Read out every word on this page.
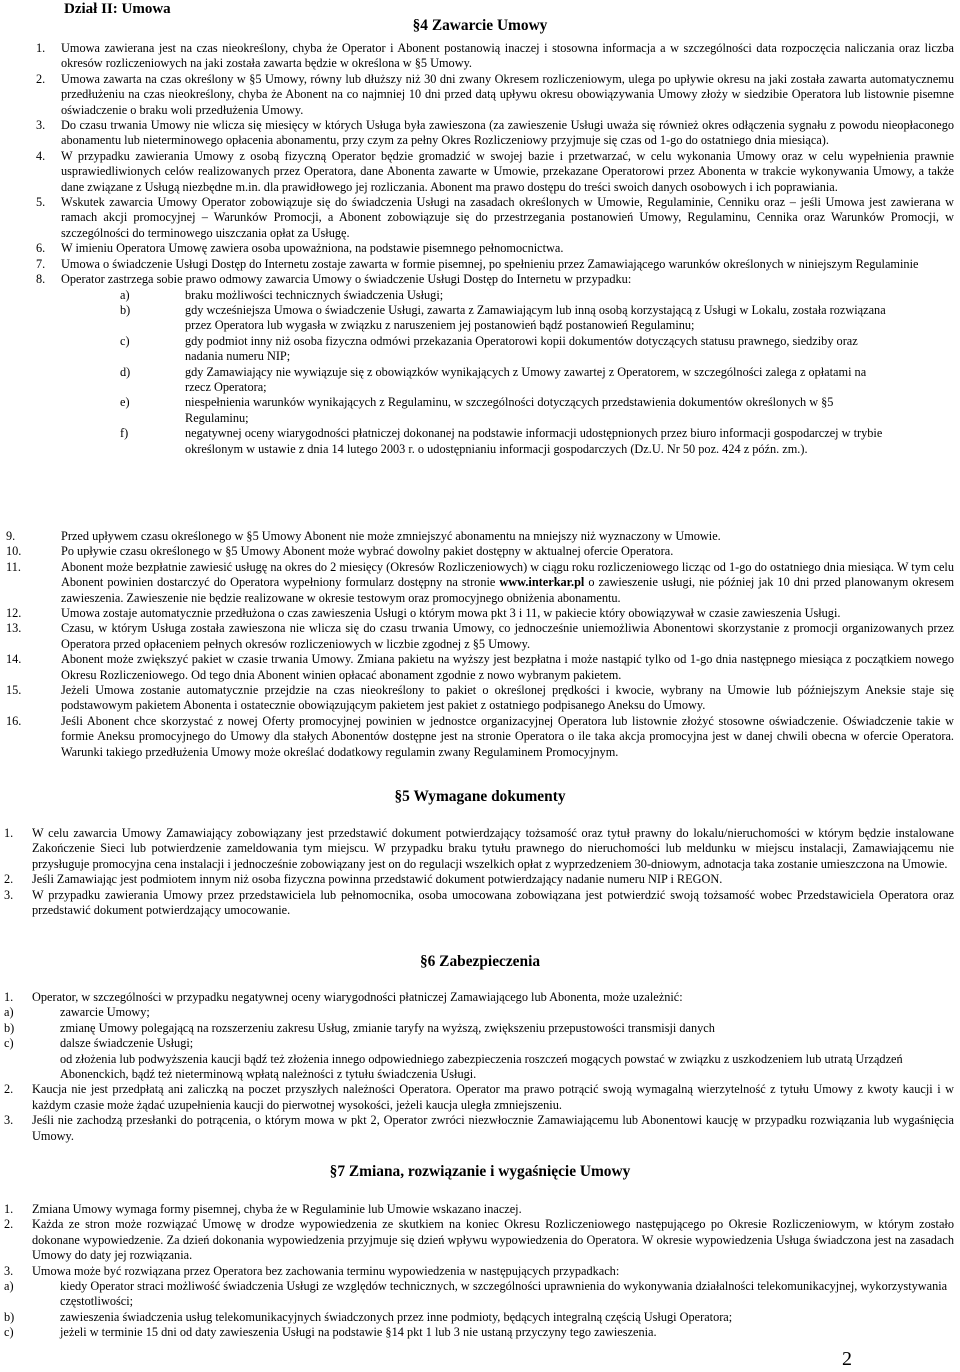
Dział II: Umowa
§4 Zawarcie Umowy
1.	Umowa zawierana jest na czas nieokreślony, chyba że Operator i Abonent postanowią inaczej i stosowna informacja a w szczególności data rozpoczęcia naliczania oraz liczba okresów rozliczeniowych na jaki została zawarta będzie w określona w §5 Umowy.
2.	Umowa zawarta na czas określony w §5 Umowy, równy lub dłuższy niż 30 dni zwany Okresem rozliczeniowym, ulega po upływie okresu na jaki została zawarta automatycznemu przedłużeniu na czas nieokreślony, chyba że Abonent na co najmniej 10 dni przed datą upływu okresu obowiązywania Umowy złoży w siedzibie Operatora lub listownie pisemne oświadczenie o braku woli przedłużenia Umowy.
3.	Do czasu trwania Umowy nie wlicza się miesięcy w których Usługa była zawieszona (za zawieszenie Usługi uważa się również okres odłączenia sygnału z powodu nieopłaconego abonamentu lub nieterminowego opłacenia abonamentu, przy czym za pełny Okres Rozliczeniowy przyjmuje się czas od 1-go do ostatniego dnia miesiąca).
4.	W przypadku zawierania Umowy z osobą fizyczną Operator będzie gromadzić w swojej bazie i przetwarzać, w celu wykonania Umowy oraz w celu wypełnienia prawnie usprawiedliwionych celów realizowanych przez Operatora, dane Abonenta zawarte w Umowie, przekazane Operatorowi przez Abonenta w trakcie wykonywania Umowy, a także dane związane z Usługą niezbędne m.in. dla prawidłowego jej rozliczania. Abonent ma prawo dostępu do treści swoich danych osobowych i ich poprawiania.
5.	Wskutek zawarcia Umowy Operator zobowiązuje się do świadczenia Usługi na zasadach określonych w Umowie, Regulaminie, Cenniku oraz – jeśli Umowa jest zawierana w ramach akcji promocyjnej – Warunków Promocji, a Abonent zobowiązuje się do przestrzegania postanowień Umowy, Regulaminu, Cennika oraz Warunków Promocji, w szczególności do terminowego uiszczania opłat za Usługę.
6.	W imieniu Operatora Umowę zawiera osoba upoważniona, na podstawie pisemnego pełnomocnictwa.
7.	Umowa o świadczenie Usługi Dostęp do Internetu zostaje zawarta w formie pisemnej, po spełnieniu przez Zamawiającego warunków określonych w niniejszym Regulaminie
8.	Operator zastrzega sobie prawo odmowy zawarcia Umowy o świadczenie Usługi Dostęp do Internetu w przypadku:
a)	braku możliwości technicznych świadczenia Usługi;
b)	gdy wcześniejsza Umowa o świadczenie Usługi, zawarta z Zamawiającym lub inną osobą korzystającą z Usługi w Lokalu, została rozwiązana przez Operatora lub wygasła w związku z naruszeniem jej postanowień bądź postanowień Regulaminu;
c)	gdy podmiot inny niż osoba fizyczna odmówi przekazania Operatorowi kopii dokumentów dotyczących statusu prawnego, siedziby oraz nadania numeru NIP;
d)	gdy Zamawiający nie wywiązuje się z obowiązków wynikających z Umowy zawartej z Operatorem, w szczególności zalega z opłatami na rzecz Operatora;
e)	niespełnienia warunków wynikających z Regulaminu, w szczególności dotyczących przedstawienia dokumentów określonych w §5 Regulaminu;
f)	negatywnej oceny wiarygodności płatniczej dokonanej na podstawie informacji udostępnionych przez biuro informacji gospodarczej w trybie określonym w ustawie z dnia 14 lutego 2003 r. o udostępnianiu informacji gospodarczych (Dz.U. Nr 50 poz. 424 z późn. zm.).
9.	Przed upływem czasu określonego w §5 Umowy Abonent nie może zmniejszyć abonamentu na mniejszy niż wyznaczony w Umowie.
10.	Po upływie czasu określonego w §5 Umowy Abonent może wybrać dowolny pakiet dostępny w aktualnej ofercie Operatora.
11.	Abonent może bezpłatnie zawiesić usługę na okres do 2 miesięcy (Okresów Rozliczeniowych) w ciągu roku rozliczeniowego licząc od 1-go do ostatniego dnia miesiąca. W tym celu Abonent powinien dostarczyć do Operatora wypełniony formularz dostępny na stronie www.interkar.pl o zawieszenie usługi, nie później jak 10 dni przed planowanym okresem zawieszenia. Zawieszenie nie będzie realizowane w okresie testowym oraz promocyjnego obniżenia abonamentu.
12.	Umowa zostaje automatycznie przedłużona o czas zawieszenia Usługi o którym mowa pkt 3 i 11, w pakiecie który obowiązywał w czasie zawieszenia Usługi.
13.	Czasu, w którym Usługa została zawieszona nie wlicza się do czasu trwania Umowy, co jednocześnie uniemożliwia Abonentowi skorzystanie z promocji organizowanych przez Operatora przed opłaceniem pełnych okresów rozliczeniowych w liczbie zgodnej z §5 Umowy.
14.	Abonent może zwiększyć pakiet w czasie trwania Umowy. Zmiana pakietu na wyższy jest bezpłatna i może nastąpić tylko od 1-go dnia następnego miesiąca z początkiem nowego Okresu Rozliczeniowego. Od tego dnia Abonent winien opłacać abonament zgodnie z nowo wybranym pakietem.
15.	Jeżeli Umowa zostanie automatycznie przejdzie na czas nieokreślony to pakiet o określonej prędkości i kwocie, wybrany na Umowie lub późniejszym Aneksie staje się podstawowym pakietem Abonenta i ostatecznie obowiązującym pakietem jest pakiet z ostatniego podpisanego Aneksu do Umowy.
16.	Jeśli Abonent chce skorzystać z nowej Oferty promocyjnej powinien w jednostce organizacyjnej Operatora lub listownie złożyć stosowne oświadczenie. Oświadczenie takie w formie Aneksu promocyjnego do Umowy dla stałych Abonentów dostępne jest na stronie Operatora o ile taka akcja promocyjna jest w danej chwili obecna w ofercie Operatora. Warunki takiego przedłużenia Umowy może określać dodatkowy regulamin zwany Regulaminem Promocyjnym.
§5 Wymagane dokumenty
1.	W celu zawarcia Umowy Zamawiający zobowiązany jest przedstawić dokument potwierdzający tożsamość oraz tytuł prawny do lokalu/nieruchomości w którym będzie instalowane Zakończenie Sieci lub potwierdzenie zameldowania tym miejscu. W przypadku braku tytułu prawnego do nieruchomości lub meldunku w miejscu instalacji, Zamawiającemu nie przysługuje promocyjna cena instalacji i jednocześnie zobowiązany jest on do regulacji wszelkich opłat z wyprzedzeniem 30-dniowym, adnotacja taka zostanie umieszczona na Umowie.
2.	Jeśli Zamawiając jest podmiotem innym niż osoba fizyczna powinna przedstawić dokument potwierdzający nadanie numeru NIP i REGON.
3.	W przypadku zawierania Umowy przez przedstawiciela lub pełnomocnika, osoba umocowana zobowiązana jest potwierdzić swoją tożsamość wobec Przedstawiciela Operatora oraz przedstawić dokument potwierdzający umocowanie.
§6 Zabezpieczenia
1.	Operator, w szczególności w przypadku negatywnej oceny wiarygodności płatniczej Zamawiającego lub Abonenta, może uzależnić:
a)	zawarcie Umowy;
b)	zmianę Umowy polegającą na rozszerzeniu zakresu Usług, zmianie taryfy na wyższą, zwiększeniu przepustowości transmisji danych
c)	dalsze świadczenie Usługi;
od złożenia lub podwyższenia kaucji bądź też złożenia innego odpowiedniego zabezpieczenia roszczeń mogących powstać w związku z uszkodzeniem lub utratą Urządzeń Abonenckich, bądź też nieterminową wpłatą należności z tytułu świadczenia Usługi.
2.	Kaucja nie jest przedpłatą ani zaliczką na poczet przyszłych należności Operatora. Operator ma prawo potrącić swoją wymagalną wierzytelność z tytułu Umowy z kwoty kaucji i w każdym czasie może żądać uzupełnienia kaucji do pierwotnej wysokości, jeżeli kaucja uległa zmniejszeniu.
3.	Jeśli nie zachodzą przesłanki do potrącenia, o którym mowa w pkt 2, Operator zwróci niezwłocznie Zamawiającemu lub Abonentowi kaucję w przypadku rozwiązania lub wygaśnięcia Umowy.
§7 Zmiana, rozwiązanie i wygaśnięcie Umowy
1.	Zmiana Umowy wymaga formy pisemnej, chyba że w Regulaminie lub Umowie wskazano inaczej.
2.	Każda ze stron może rozwiązać Umowę w drodze wypowiedzenia ze skutkiem na koniec Okresu Rozliczeniowego następującego po Okresie Rozliczeniowym, w którym zostało dokonane wypowiedzenie. Za dzień dokonania wypowiedzenia przyjmuje się dzień wpływu wypowiedzenia do Operatora. W okresie wypowiedzenia Usługa świadczona jest na zasadach Umowy do daty jej rozwiązania.
3.	Umowa może być rozwiązana przez Operatora bez zachowania terminu wypowiedzenia w następujących przypadkach:
a)	kiedy Operator straci możliwość świadczenia Usługi ze względów technicznych, w szczególności uprawnienia do wykonywania działalności telekomunikacyjnej, wykorzystywania częstotliwości;
b)	zawieszenia świadczenia usług telekomunikacyjnych świadczonych przez inne podmioty, będących integralną częścią Usługi Operatora;
c)	jeżeli w terminie 15 dni od daty zawieszenia Usługi na podstawie §14 pkt 1 lub 3 nie ustaną przyczyny tego zawieszenia.
2
